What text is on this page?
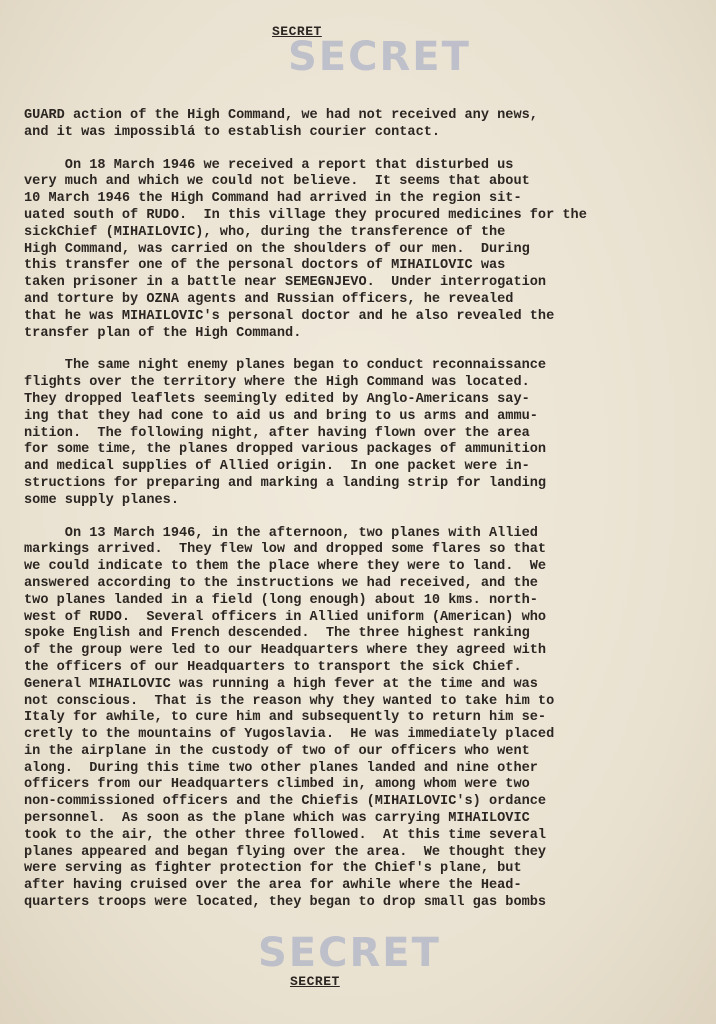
SECRET
SECRET

GUARD action of the High Command, we had not received any news,
and it was impossiblá to establish courier contact.

On 18 March 1946 we received a report that disturbed us
very much and which we could not believe.  It seems that about
10 March 1946 the High Command had arrived in the region sit-
uated south of RUDO.  In this village they procured medicines for the
sickChief (MIHAILOVIC), who, during the transference of the
High Command, was carried on the shoulders of our men.  During
this transfer one of the personal doctors of MIHAILOVIC was
taken prisoner in a battle near SEMEGNJEVO.  Under interrogation
and torture by OZNA agents and Russian officers, he revealed
that he was MIHAILOVIC's personal doctor and he also revealed the
transfer plan of the High Command.

The same night enemy planes began to conduct reconnaissance
flights over the territory where the High Command was located.
They dropped leaflets seemingly edited by Anglo-Americans say-
ing that they had cone to aid us and bring to us arms and ammu-
nition.  The following night, after having flown over the area
for some time, the planes dropped various packages of ammunition
and medical supplies of Allied origin.  In one packet were in-
structions for preparing and marking a landing strip for landing
some supply planes.

On 13 March 1946, in the afternoon, two planes with Allied
markings arrived.  They flew low and dropped some flares so that
we could indicate to them the place where they were to land.  We
answered according to the instructions we had received, and the
two planes landed in a field (long enough) about 10 kms. north-
west of RUDO.  Several officers in Allied uniform (American) who
spoke English and French descended.  The three highest ranking
of the group were led to our Headquarters where they agreed with
the officers of our Headquarters to transport the sick Chief.
General MIHAILOVIC was running a high fever at the time and was
not conscious.  That is the reason why they wanted to take him to
Italy for awhile, to cure him and subsequently to return him se-
cretly to the mountains of Yugoslavia.  He was immediately placed
in the airplane in the custody of two of our officers who went
along.  During this time two other planes landed and nine other
officers from our Headquarters climbed in, among whom were two
non-commissioned officers and the Chiefis (MIHAILOVIC's) ordance
personnel.  As soon as the plane which was carrying MIHAILOVIC
took to the air, the other three followed.  At this time several
planes appeared and began flying over the area.  We thought they
were serving as fighter protection for the Chief's plane, but
after having cruised over the area for awhile where the Head-
quarters troops were located, they began to drop small gas bombs

SECRET
SECRET
